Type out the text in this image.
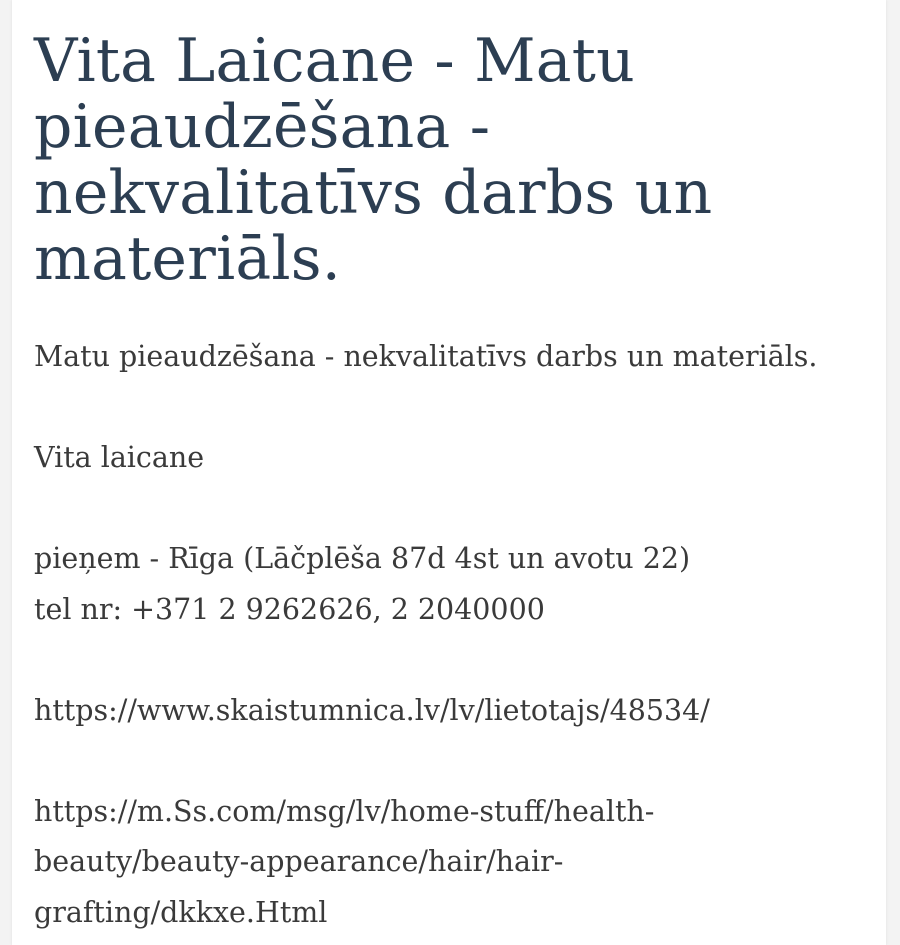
Vita Laicane - Matu pieaudzēšana - nekvalitatīvs darbs un materiāls.
Matu pieaudzēšana - nekvalitatīvs darbs un materiāls.
Vita laicane
pieņem - Rīga (Lāčplēša 87d 4st un avotu 22)
tel nr: +371 2 9262626, 2 2040000
https://www.skaistumnica.lv/lv/lietotajs/48534/
https://m.Ss.com/msg/lv/home-stuff/health-
beauty/beauty-appearance/hair/hair-
grafting/dkkxe.Html
